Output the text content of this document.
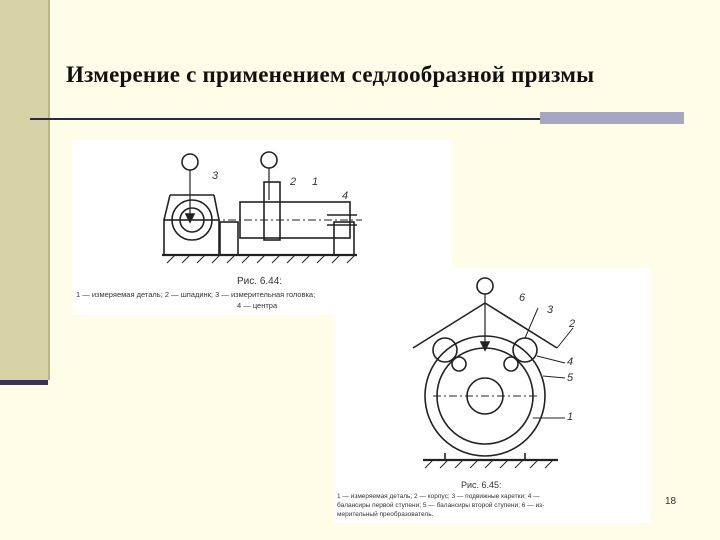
Измерение с применением седлообразной призмы
3	2 1
4
Рис. 6.44:
1 — измеряемая деталь; 2 — шпадинк; 3 — измерительная головка;
4 — центра
6
3
2
4
5
1
Рис. 6.45:
1 — измеряемая деталь; 2 — корпус; 3 — подвижные каретки; 4 —
балансиры первой ступени; 5 — балансиры второй ступени; 6 — из-
мерительный преобразователь.
18
